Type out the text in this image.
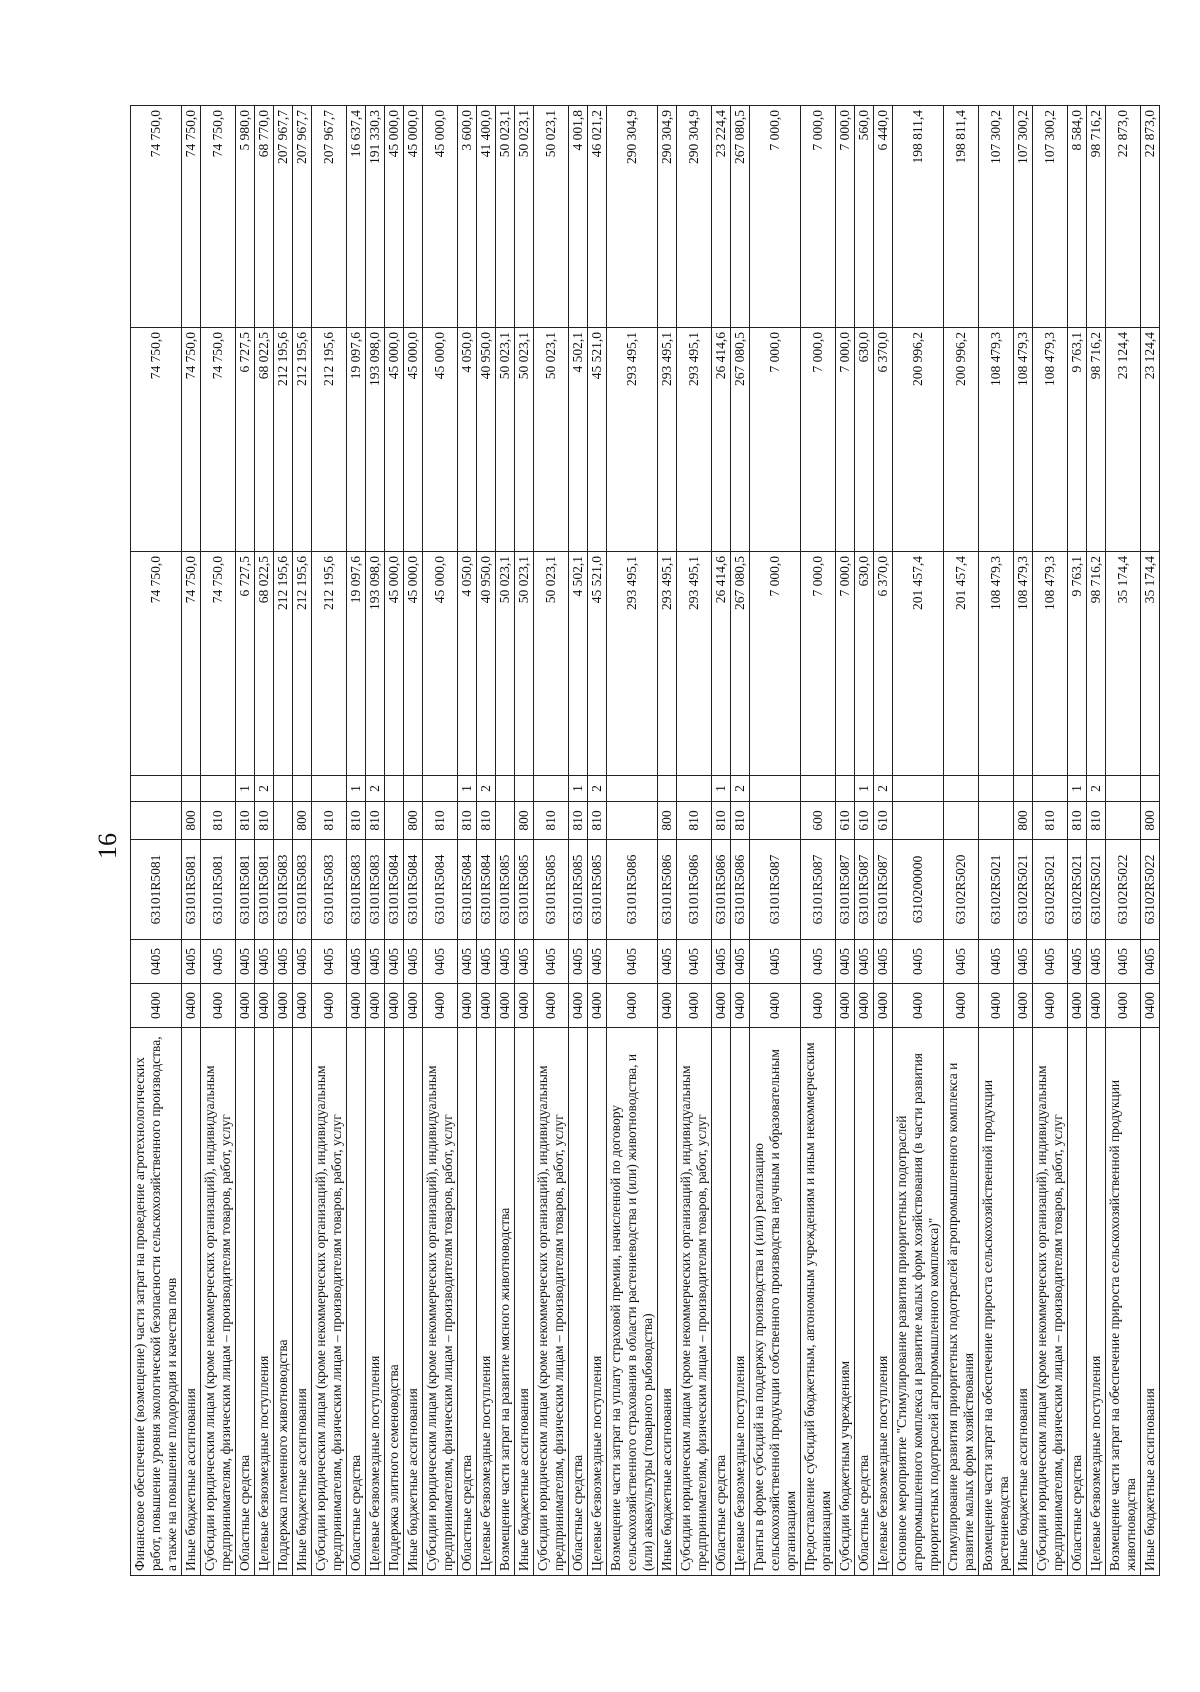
16
Финансовое обеспечение (возмещение) части затрат на проведение агротехнологических работ, повышение уровня экологической безопасности сельскохозяйственного производства, а также на повышение плодородия и качества почв	0400	0405	63101R5081			74 750,0	74 750,0	74 750,0
Иные бюджетные ассигнования	0400	0405	63101R5081	800		74 750,0	74 750,0	74 750,0
Субсидии юридическим лицам (кроме некоммерческих организаций), индивидуальным предпринимателям, физическим лицам – производителям товаров, работ, услуг	0400	0405	63101R5081	810		74 750,0	74 750,0	74 750,0
Областные средства	0400	0405	63101R5081	810	1	6 727,5	6 727,5	5 980,0
Целевые безвозмездные поступления	0400	0405	63101R5081	810	2	68 022,5	68 022,5	68 770,0
Поддержка племенного животноводства	0400	0405	63101R5083			212 195,6	212 195,6	207 967,7
Иные бюджетные ассигнования	0400	0405	63101R5083	800		212 195,6	212 195,6	207 967,7
Субсидии юридическим лицам (кроме некоммерческих организаций), индивидуальным предпринимателям, физическим лицам – производителям товаров, работ, услуг	0400	0405	63101R5083	810		212 195,6	212 195,6	207 967,7
Областные средства	0400	0405	63101R5083	810	1	19 097,6	19 097,6	16 637,4
Целевые безвозмездные поступления	0400	0405	63101R5083	810	2	193 098,0	193 098,0	191 330,3
Поддержка элитного семеноводства	0400	0405	63101R5084			45 000,0	45 000,0	45 000,0
Иные бюджетные ассигнования	0400	0405	63101R5084	800		45 000,0	45 000,0	45 000,0
Субсидии юридическим лицам (кроме некоммерческих организаций), индивидуальным предпринимателям, физическим лицам – производителям товаров, работ, услуг	0400	0405	63101R5084	810		45 000,0	45 000,0	45 000,0
Областные средства	0400	0405	63101R5084	810	1	4 050,0	4 050,0	3 600,0
Целевые безвозмездные поступления	0400	0405	63101R5084	810	2	40 950,0	40 950,0	41 400,0
Возмещение части затрат на развитие мясного животноводства	0400	0405	63101R5085			50 023,1	50 023,1	50 023,1
Иные бюджетные ассигнования	0400	0405	63101R5085	800		50 023,1	50 023,1	50 023,1
Субсидии юридическим лицам (кроме некоммерческих организаций), индивидуальным предпринимателям, физическим лицам – производителям товаров, работ, услуг	0400	0405	63101R5085	810		50 023,1	50 023,1	50 023,1
Областные средства	0400	0405	63101R5085	810	1	4 502,1	4 502,1	4 001,8
Целевые безвозмездные поступления	0400	0405	63101R5085	810	2	45 521,0	45 521,0	46 021,2
Возмещение части затрат на уплату страховой премии, начисленной по договору сельскохозяйственного страхования в области растениеводства и (или) животноводства, и (или) аквакультуры (товарного рыбоводства)	0400	0405	63101R5086			293 495,1	293 495,1	290 304,9
Иные бюджетные ассигнования	0400	0405	63101R5086	800		293 495,1	293 495,1	290 304,9
Субсидии юридическим лицам (кроме некоммерческих организаций), индивидуальным предпринимателям, физическим лицам – производителям товаров, работ, услуг	0400	0405	63101R5086	810		293 495,1	293 495,1	290 304,9
Областные средства	0400	0405	63101R5086	810	1	26 414,6	26 414,6	23 224,4
Целевые безвозмездные поступления	0400	0405	63101R5086	810	2	267 080,5	267 080,5	267 080,5
Гранты в форме субсидий на поддержку производства и (или) реализацию сельскохозяйственной продукции собственного производства научным и образовательным организациям	0400	0405	63101R5087			7 000,0	7 000,0	7 000,0
Предоставление субсидий бюджетным, автономным учреждениям и иным некоммерческим организациям	0400	0405	63101R5087	600		7 000,0	7 000,0	7 000,0
Субсидии бюджетным учреждениям	0400	0405	63101R5087	610		7 000,0	7 000,0	7 000,0
Областные средства	0400	0405	63101R5087	610	1	630,0	630,0	560,0
Целевые безвозмездные поступления	0400	0405	63101R5087	610	2	6 370,0	6 370,0	6 440,0
Основное мероприятие "Стимулирование развития приоритетных подотраслей агропромышленного комплекса и развитие малых форм хозяйствования (в части развития приоритетных подотраслей агропромышленного комплекса)"	0400	0405	6310200000			201 457,4	200 996,2	198 811,4
Стимулирование развития приоритетных подотраслей агропромышленного комплекса и развитие малых форм хозяйствования	0400	0405	63102R5020			201 457,4	200 996,2	198 811,4
Возмещение части затрат на обеспечение прироста сельскохозяйственной продукции растениеводства	0400	0405	63102R5021			108 479,3	108 479,3	107 300,2
Иные бюджетные ассигнования	0400	0405	63102R5021	800		108 479,3	108 479,3	107 300,2
Субсидии юридическим лицам (кроме некоммерческих организаций), индивидуальным предпринимателям, физическим лицам – производителям товаров, работ, услуг	0400	0405	63102R5021	810		108 479,3	108 479,3	107 300,2
Областные средства	0400	0405	63102R5021	810	1	9 763,1	9 763,1	8 584,0
Целевые безвозмездные поступления	0400	0405	63102R5021	810	2	98 716,2	98 716,2	98 716,2
Возмещение части затрат на обеспечение прироста сельскохозяйственной продукции животноводства	0400	0405	63102R5022			35 174,4	23 124,4	22 873,0
Иные бюджетные ассигнования	0400	0405	63102R5022	800		35 174,4	23 124,4	22 873,0
